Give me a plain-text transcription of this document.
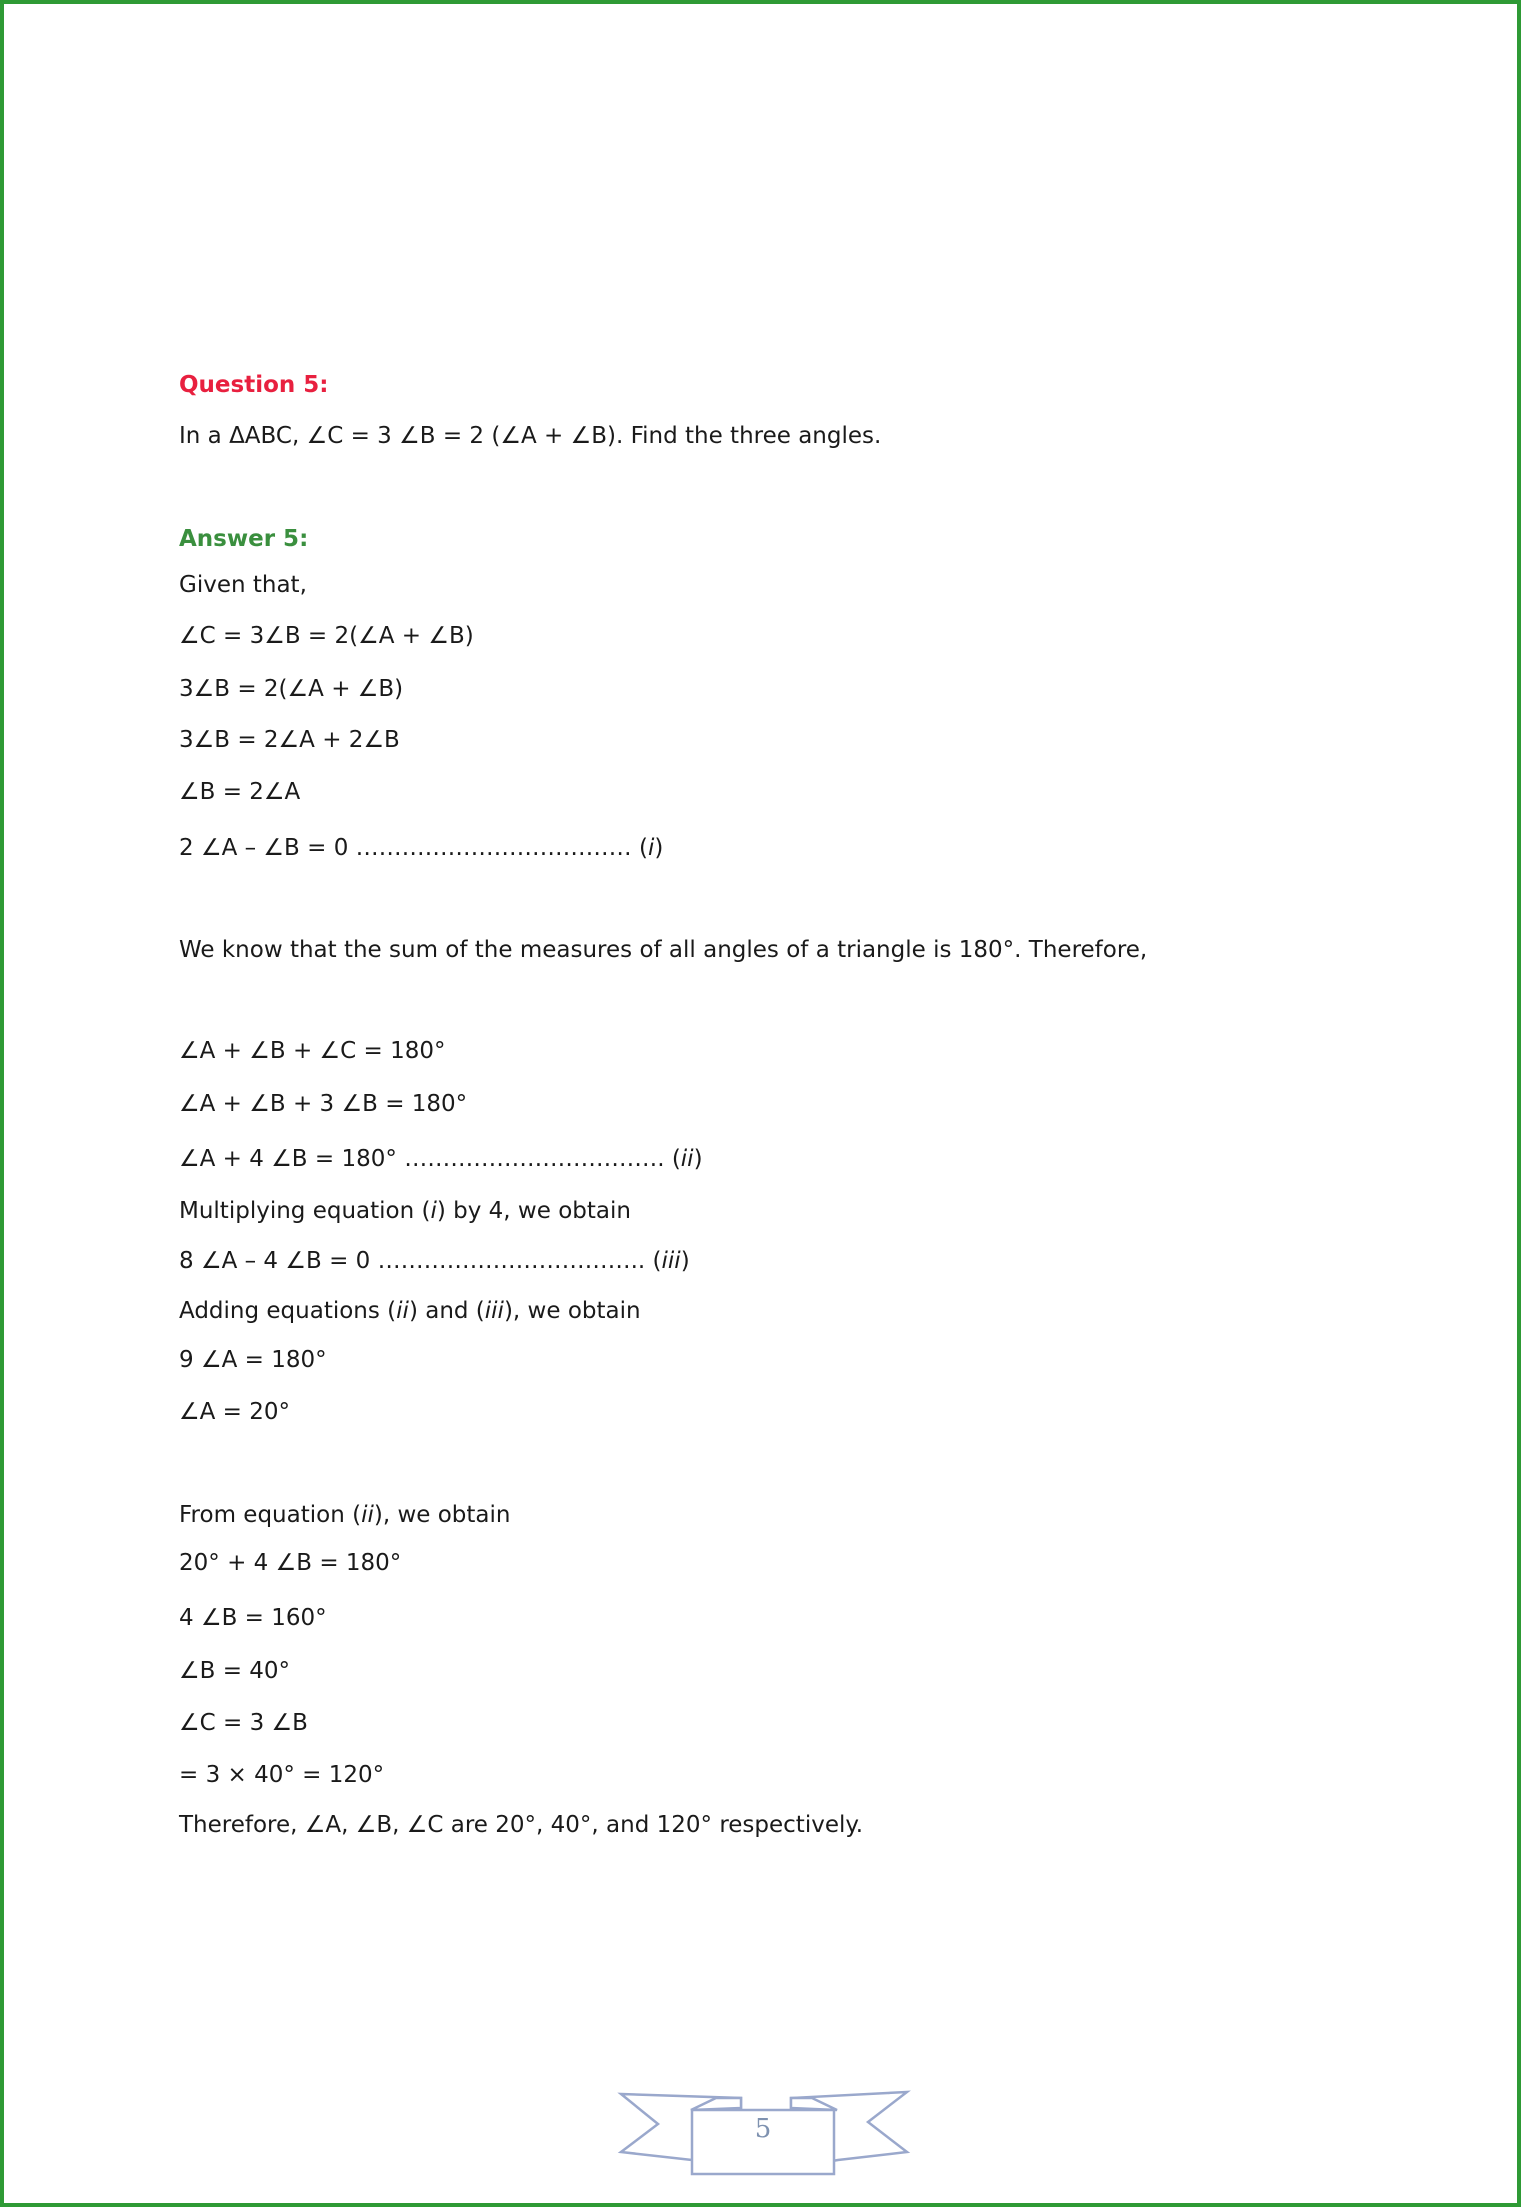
Question 5:
In a ΔABC, ∠C = 3 ∠B = 2 (∠A + ∠B). Find the three angles.
Answer 5:
Given that,
∠C = 3∠B = 2(∠A + ∠B)
3∠B = 2(∠A + ∠B)
3∠B = 2∠A + 2∠B
∠B = 2∠A
2 ∠A – ∠B = 0 ……………………………… (i)
We know that the sum of the measures of all angles of a triangle is 180°. Therefore,
∠A + ∠B + ∠C = 180°
∠A + ∠B + 3 ∠B = 180°
∠A + 4 ∠B = 180° ……………………………. (ii)
Multiplying equation (i) by 4, we obtain
8 ∠A – 4 ∠B = 0 …………………………….. (iii)
Adding equations (ii) and (iii), we obtain
9 ∠A = 180°
∠A = 20°
From equation (ii), we obtain
20° + 4 ∠B = 180°
4 ∠B = 160°
∠B = 40°
∠C = 3 ∠B
= 3 × 40° = 120°
Therefore, ∠A, ∠B, ∠C are 20°, 40°, and 120° respectively.
5
